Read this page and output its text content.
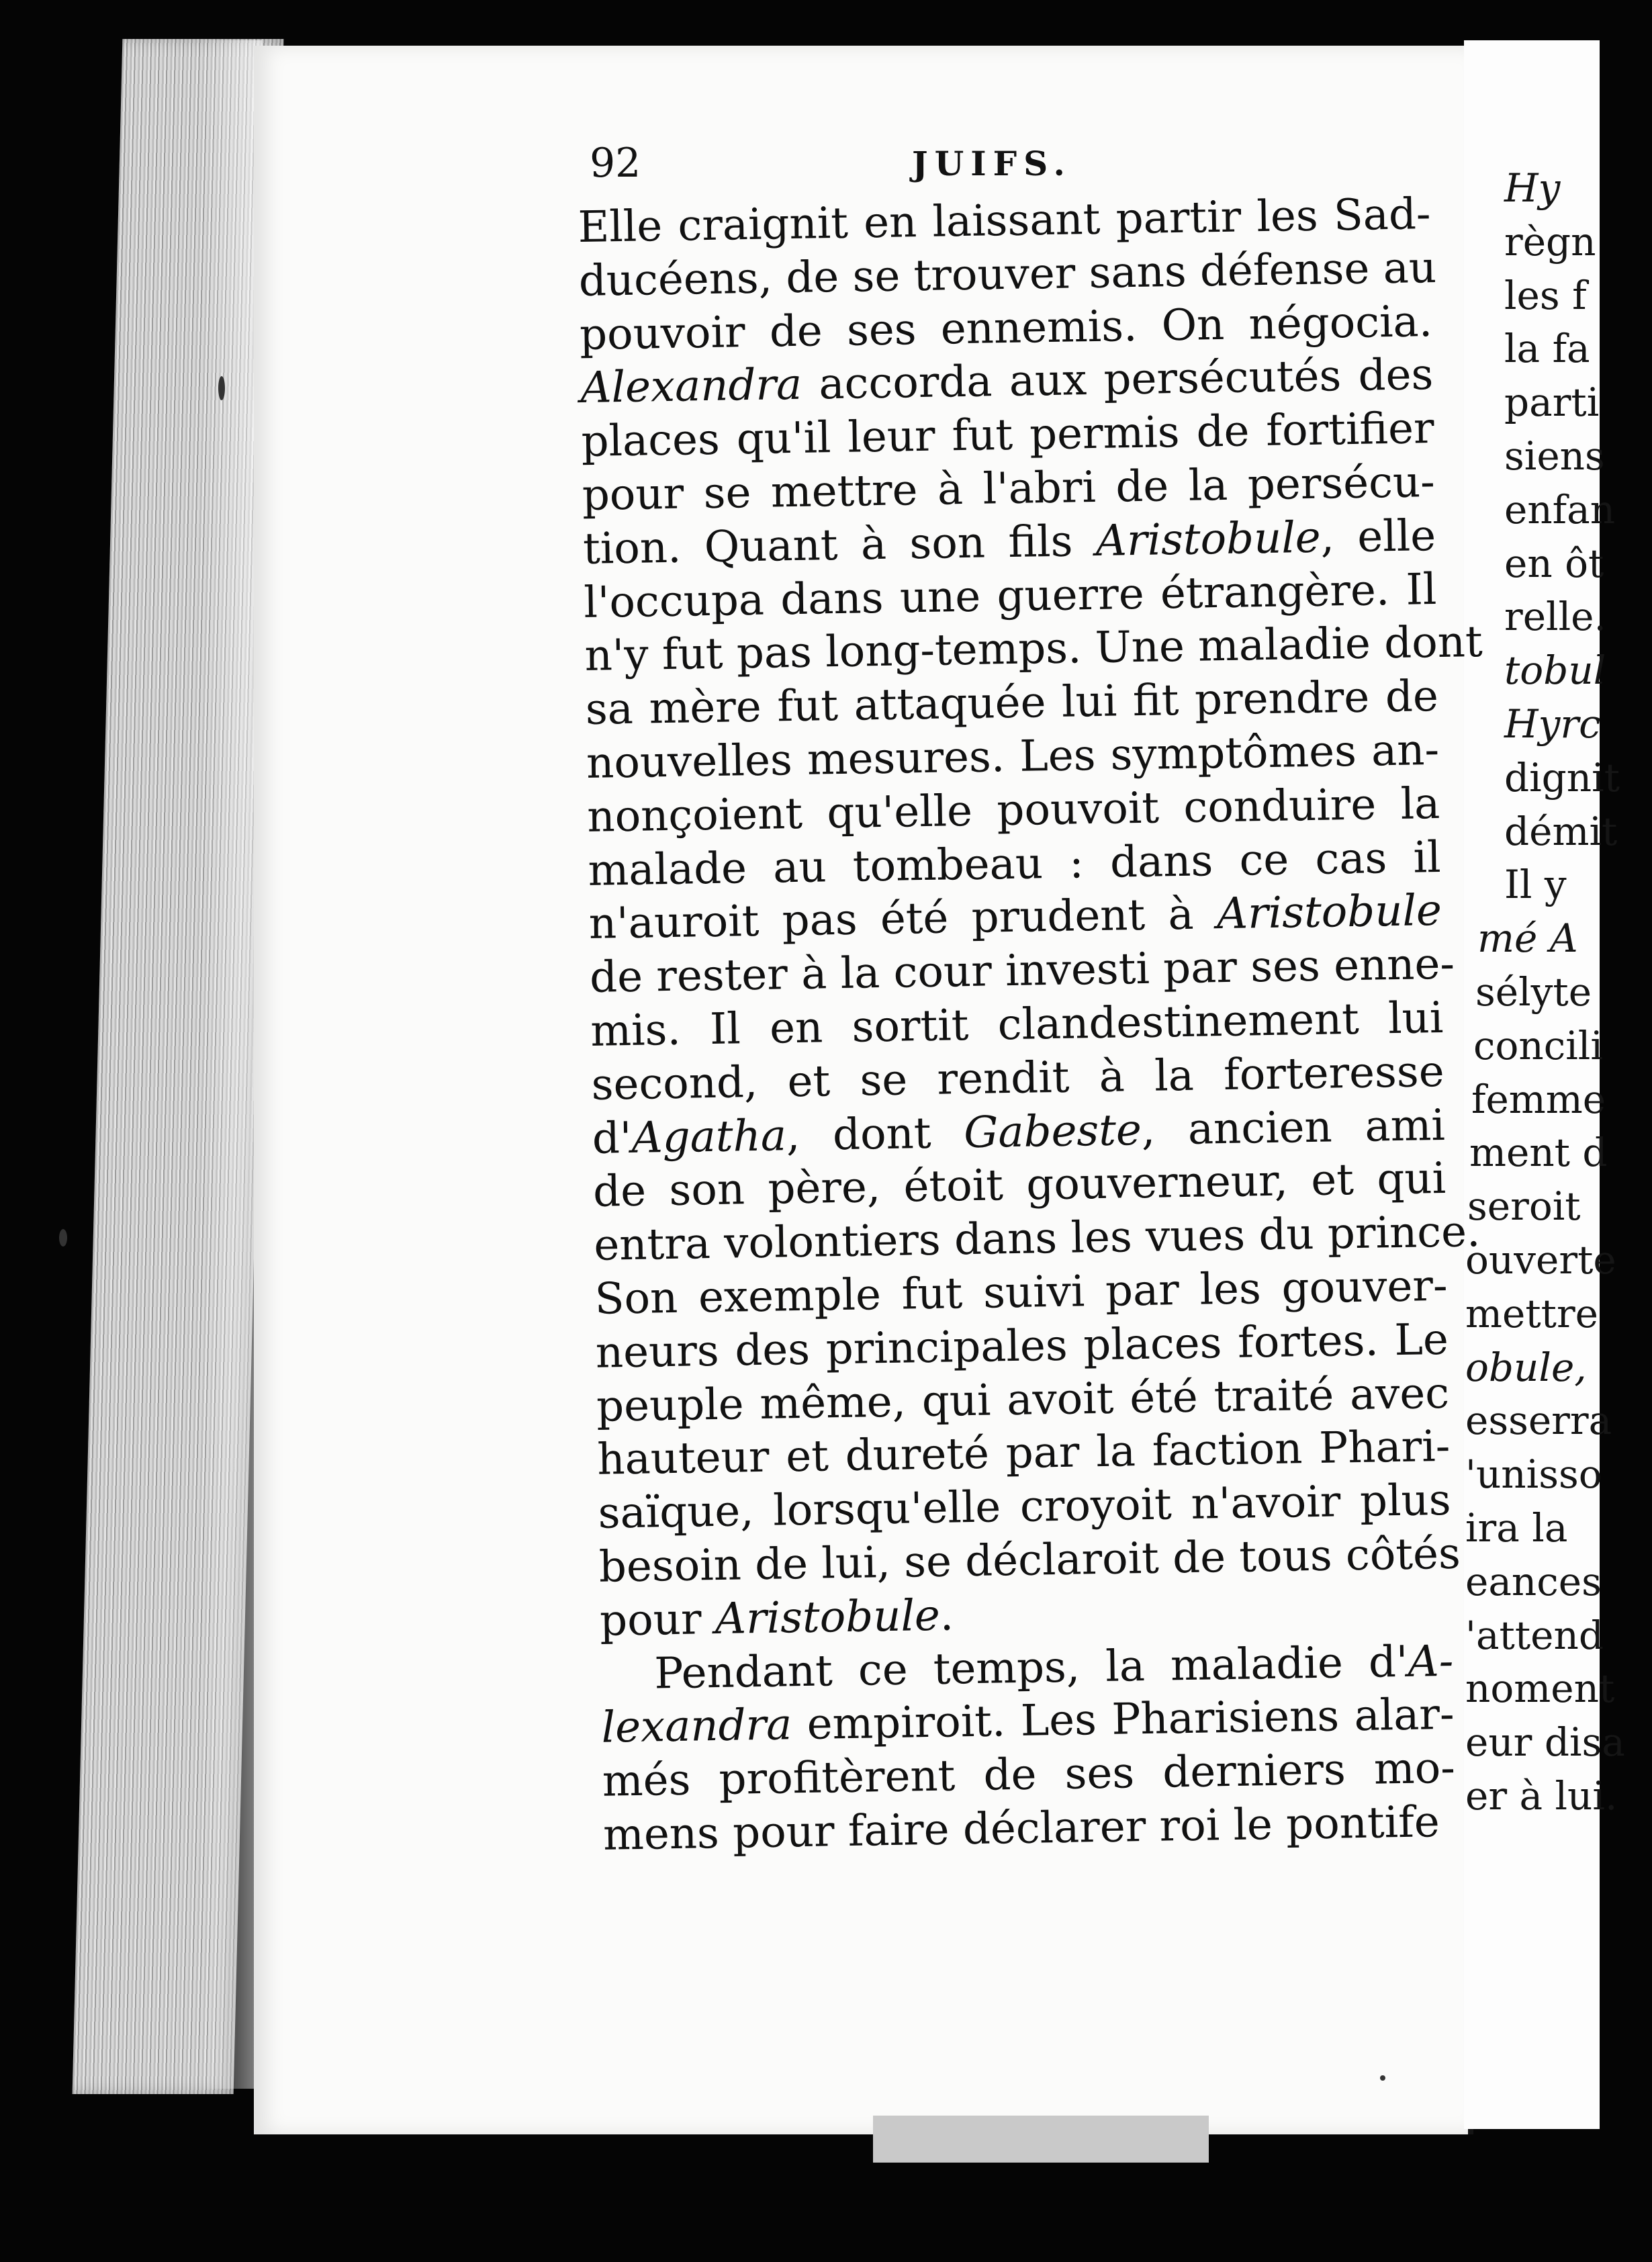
Hy
règn
les f
la fa
parti
siens
enfan
en ôt
relle.
tobul
Hyrc
dignit
démit
Il y
mé A
sélyte
concili
femme
ment d
seroit
ouverte
mettre
obule,
esserra
'unisso
ira la
eances
'attend
noment
eur disa
er à lui.
92	JUIFS.
Elle craignit en laissant partir les Sad-
ducéens, de se trouver sans défense au
pouvoir de ses ennemis. On négocia.
Alexandra accorda aux persécutés des
places qu'il leur fut permis de fortifier
pour se mettre à l'abri de la persécu-
tion. Quant à son fils Aristobule, elle
l'occupa dans une guerre étrangère. Il
n'y fut pas long-temps. Une maladie dont
sa mère fut attaquée lui fit prendre de
nouvelles mesures. Les symptômes an-
nonçoient qu'elle pouvoit conduire la
malade au tombeau : dans ce cas il
n'auroit pas été prudent à Aristobule
de rester à la cour investi par ses enne-
mis. Il en sortit clandestinement lui
second, et se rendit à la forteresse
d'Agatha, dont Gabeste, ancien ami
de son père, étoit gouverneur, et qui
entra volontiers dans les vues du prince.
Son exemple fut suivi par les gouver-
neurs des principales places fortes. Le
peuple même, qui avoit été traité avec
hauteur et dureté par la faction Phari-
saïque, lorsqu'elle croyoit n'avoir plus
besoin de lui, se déclaroit de tous côtés
pour Aristobule.
Pendant ce temps, la maladie d'A-
lexandra empiroit. Les Pharisiens alar-
més profitèrent de ses derniers mo-
mens pour faire déclarer roi le pontife
